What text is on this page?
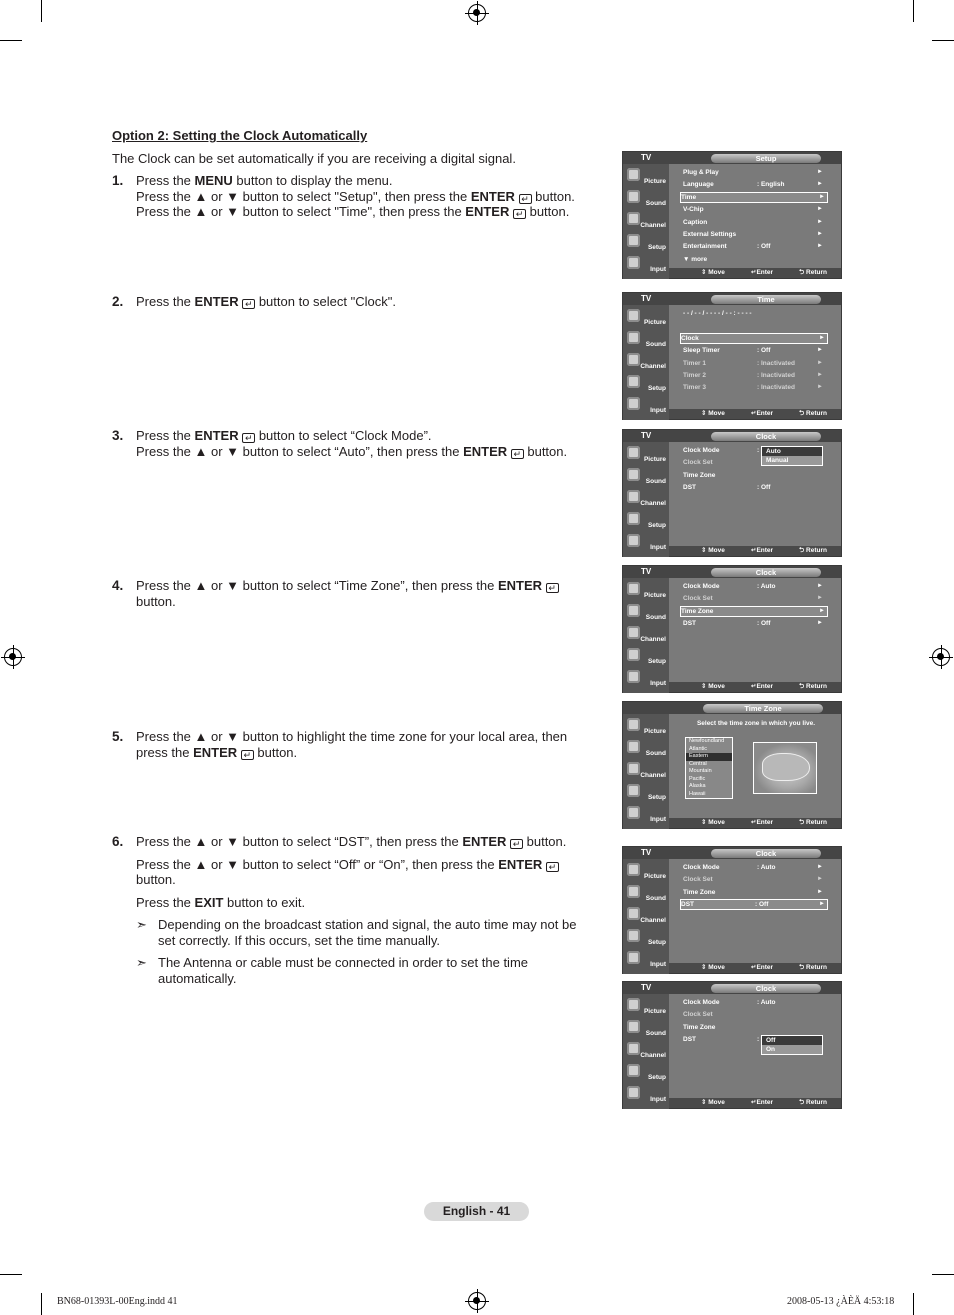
Option 2: Setting the Clock Automatically
The Clock can be set automatically if you are receiving a digital signal.
1. Press the MENU button to display the menu.
Press the ▲ or ▼ button to select "Setup", then press the ENTER ↵ button.
Press the ▲ or ▼ button to select "Time", then press the ENTER ↵ button.
2. Press the ENTER ↵ button to select "Clock".
3. Press the ENTER ↵ button to select “Clock Mode”.
Press the ▲ or ▼ button to select “Auto”, then press the ENTER ↵ button.
4. Press the ▲ or ▼ button to select “Time Zone”, then press the ENTER ↵ button.
5. Press the ▲ or ▼ button to highlight the time zone for your local area, then press the ENTER ↵ button.
6. Press the ▲ or ▼ button to select “DST”, then press the ENTER ↵ button.

Press the ▲ or ▼ button to select “Off” or “On”, then press the ENTER ↵ button.

Press the EXIT button to exit.

➣ Depending on the broadcast station and signal, the auto time may not be set correctly. If this occurs, set the time manually.

➣ The Antenna or cable must be connected in order to set the time automatically.

TV	Setup
Picture
Sound
Channel
Setup
Input
Plug & Play	►
Language	: English	►
Time	►
V-Chip	►
Caption	►
External Settings	►
Entertainment	: Off	►
▼ more
⇕ Move	↵Enter	⮌ Return
TV	Time
Picture
Sound
Channel
Setup
Input
- - / - - / - - - - / - - : - - - -
Clock	►
Sleep Timer	: Off	►
Timer 1	: Inactivated	►
Timer 2	: Inactivated	►
Timer 3	: Inactivated	►
⇕ Move	↵Enter	⮌ Return
TV	Clock
Picture
Sound
Channel
Setup
Input
Clock Mode	:
Clock Set
Time Zone
DST	: Off
Auto
Manual
⇕ Move	↵Enter	⮌ Return
TV	Clock
Picture
Sound
Channel
Setup
Input
Clock Mode	: Auto	►
Clock Set	►
Time Zone	►
DST	: Off	►
⇕ Move	↵Enter	⮌ Return
Time Zone
Picture
Sound
Channel
Setup
Input
Select the time zone in which you live.
Newfoundland
Atlantic
Eastern
Central
Mountain
Pacific
Alaska
Hawaii
⇕ Move	↵Enter	⮌ Return
TV	Clock
Picture
Sound
Channel
Setup
Input
Clock Mode	: Auto	►
Clock Set	►
Time Zone	►
DST	: Off	►
⇕ Move	↵Enter	⮌ Return
TV	Clock
Picture
Sound
Channel
Setup
Input
Clock Mode	: Auto
Clock Set
Time Zone
DST	:	Off
On
⇕ Move	↵Enter	⮌ Return
English - 41
BN68-01393L-00Eng.indd 41	2008-05-13 ¿ÀÈÄ 4:53:18
